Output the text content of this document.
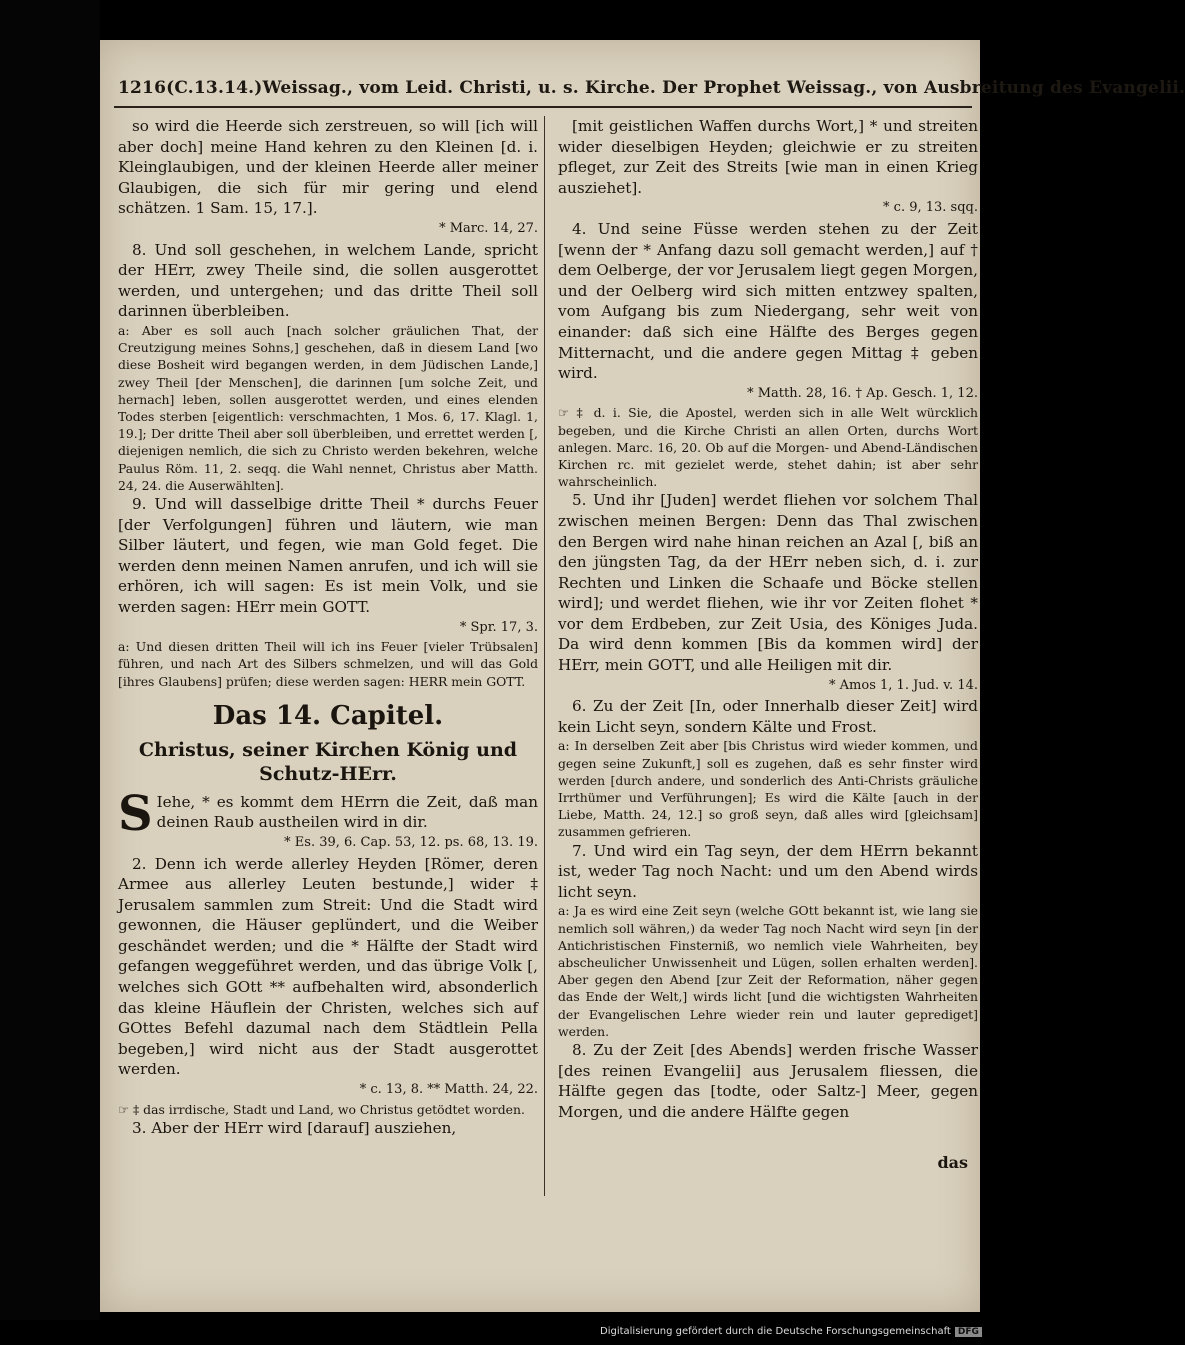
1216(C.13.14.)Weissag., vom Leid. Christi, u. s. Kirche. Der Prophet Weissag., von Ausbreitung des Evangelii.

so wird die Heerde sich zerstreuen, so will [ich will aber doch] meine Hand kehren zu den Kleinen [d. i. Kleinglaubigen, und der kleinen Heerde aller meiner Glaubigen, die sich für mir gering und elend schätzen. 1 Sam. 15, 17.].

* Marc. 14, 27.

8. Und soll geschehen, in welchem Lande, spricht der HErr, zwey Theile sind, die sollen ausgerottet werden, und untergehen; und das dritte Theil soll darinnen überbleiben.

a: Aber es soll auch [nach solcher gräulichen That, der Creutzigung meines Sohns,] geschehen, daß in diesem Land [wo diese Bosheit wird begangen werden, in dem Jüdischen Lande,] zwey Theil [der Menschen], die darinnen [um solche Zeit, und hernach] leben, sollen ausgerottet werden, und eines elenden Todes sterben [eigentlich: verschmachten, 1 Mos. 6, 17. Klagl. 1, 19.]; Der dritte Theil aber soll überbleiben, und errettet werden [, diejenigen nemlich, die sich zu Christo werden bekehren, welche Paulus Röm. 11, 2. seqq. die Wahl nennet, Christus aber Matth. 24, 24. die Auserwählten].

9. Und will dasselbige dritte Theil * durchs Feuer [der Verfolgungen] führen und läutern, wie man Silber läutert, und fegen, wie man Gold feget. Die werden denn meinen Namen anrufen, und ich will sie erhören, ich will sagen: Es ist mein Volk, und sie werden sagen: HErr mein GOTT.

* Spr. 17, 3.

a: Und diesen dritten Theil will ich ins Feuer [vieler Trübsalen] führen, und nach Art des Silbers schmelzen, und will das Gold [ihres Glaubens] prüfen; diese werden sagen: HERR mein GOTT.

Das 14. Capitel.
Christus, seiner Kirchen König und Schutz-HErr.

S Iehe, * es kommt dem HErrn die Zeit, daß man deinen Raub austheilen wird in dir.

* Es. 39, 6. Cap. 53, 12. ps. 68, 13. 19.

2. Denn ich werde allerley Heyden [Römer, deren Armee aus allerley Leuten bestunde,] wider ‡ Jerusalem sammlen zum Streit: Und die Stadt wird gewonnen, die Häuser geplündert, und die Weiber geschändet werden; und die * Hälfte der Stadt wird gefangen weggeführet werden, und das übrige Volk [, welches sich GOtt ** aufbehalten wird, absonderlich das kleine Häuflein der Christen, welches sich auf GOttes Befehl dazumal nach dem Städtlein Pella begeben,] wird nicht aus der Stadt ausgerottet werden.

* c. 13, 8. ** Matth. 24, 22.

☞ ‡ das irrdische, Stadt und Land, wo Christus getödtet worden.

3. Aber der HErr wird [darauf] ausziehen,

[mit geistlichen Waffen durchs Wort,] * und streiten wider dieselbigen Heyden; gleichwie er zu streiten pfleget, zur Zeit des Streits [wie man in einen Krieg ausziehet].

* c. 9, 13. sqq.

4. Und seine Füsse werden stehen zu der Zeit [wenn der * Anfang dazu soll gemacht werden,] auf † dem Oelberge, der vor Jerusalem liegt gegen Morgen, und der Oelberg wird sich mitten entzwey spalten, vom Aufgang bis zum Niedergang, sehr weit von einander: daß sich eine Hälfte des Berges gegen Mitternacht, und die andere gegen Mittag ‡ geben wird.

* Matth. 28, 16. † Ap. Gesch. 1, 12.

☞ ‡ d. i. Sie, die Apostel, werden sich in alle Welt würcklich begeben, und die Kirche Christi an allen Orten, durchs Wort anlegen. Marc. 16, 20. Ob auf die Morgen- und Abend-Ländischen Kirchen rc. mit gezielet werde, stehet dahin; ist aber sehr wahrscheinlich.

5. Und ihr [Juden] werdet fliehen vor solchem Thal zwischen meinen Bergen: Denn das Thal zwischen den Bergen wird nahe hinan reichen an Azal [, biß an den jüngsten Tag, da der HErr neben sich, d. i. zur Rechten und Linken die Schaafe und Böcke stellen wird]; und werdet fliehen, wie ihr vor Zeiten flohet * vor dem Erdbeben, zur Zeit Usia, des Königes Juda. Da wird denn kommen [Bis da kommen wird] der HErr, mein GOTT, und alle Heiligen mit dir.

* Amos 1, 1. Jud. v. 14.

6. Zu der Zeit [In, oder Innerhalb dieser Zeit] wird kein Licht seyn, sondern Kälte und Frost.

a: In derselben Zeit aber [bis Christus wird wieder kommen, und gegen seine Zukunft,] soll es zugehen, daß es sehr finster wird werden [durch andere, und sonderlich des Anti-Christs gräuliche Irrthümer und Verführungen]; Es wird die Kälte [auch in der Liebe, Matth. 24, 12.] so groß seyn, daß alles wird [gleichsam] zusammen gefrieren.

7. Und wird ein Tag seyn, der dem HErrn bekannt ist, weder Tag noch Nacht: und um den Abend wirds licht seyn.

a: Ja es wird eine Zeit seyn (welche GOtt bekannt ist, wie lang sie nemlich soll währen,) da weder Tag noch Nacht wird seyn [in der Antichristischen Finsterniß, wo nemlich viele Wahrheiten, bey abscheulicher Unwissenheit und Lügen, sollen erhalten werden]. Aber gegen den Abend [zur Zeit der Reformation, näher gegen das Ende der Welt,] wirds licht [und die wichtigsten Wahrheiten der Evangelischen Lehre wieder rein und lauter geprediget] werden.

8. Zu der Zeit [des Abends] werden frische Wasser [des reinen Evangelii] aus Jerusalem fliessen, die Hälfte gegen das [todte, oder Saltz-] Meer, gegen Morgen, und die andere Hälfte gegen

das
Digitalisierung gefördert durch die Deutsche Forschungsgemeinschaft DFG
